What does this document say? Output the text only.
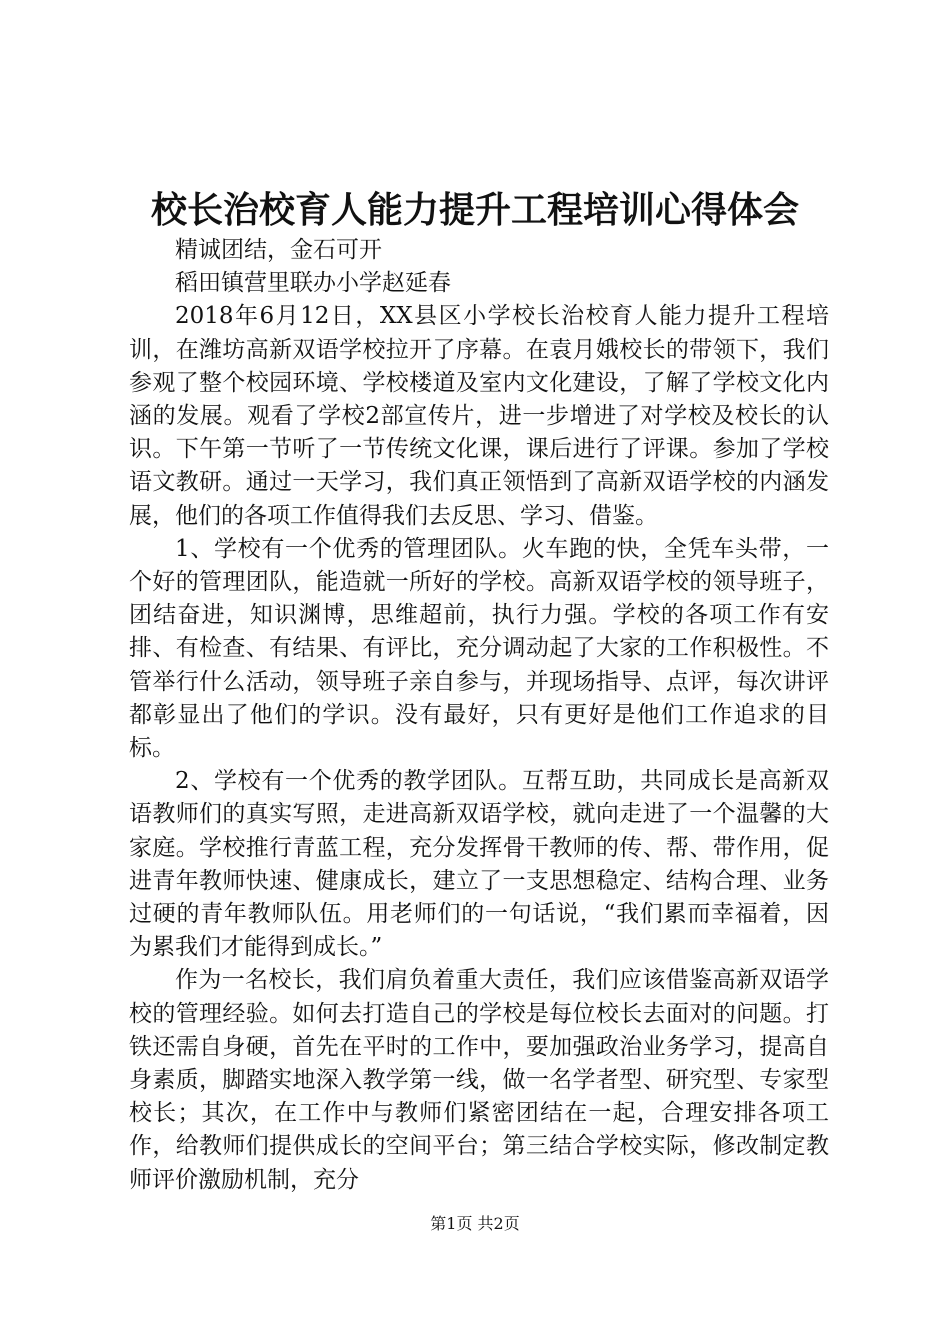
校长治校育人能力提升工程培训心得体会

精诚团结，金石可开

稻田镇营里联办小学赵延春

2018年6月12日，XX县区小学校长治校育人能力提升工程培训，在潍坊高新双语学校拉开了序幕。在袁月娥校长的带领下，我们参观了整个校园环境、学校楼道及室内文化建设，了解了学校文化内涵的发展。观看了学校2部宣传片，进一步增进了对学校及校长的认识。下午第一节听了一节传统文化课，课后进行了评课。参加了学校语文教研。通过一天学习，我们真正领悟到了高新双语学校的内涵发展，他们的各项工作值得我们去反思、学习、借鉴。

1、学校有一个优秀的管理团队。火车跑的快，全凭车头带，一个好的管理团队，能造就一所好的学校。高新双语学校的领导班子，团结奋进，知识渊博，思维超前，执行力强。学校的各项工作有安排、有检查、有结果、有评比，充分调动起了大家的工作积极性。不管举行什么活动，领导班子亲自参与，并现场指导、点评，每次讲评都彰显出了他们的学识。没有最好，只有更好是他们工作追求的目标。

2、学校有一个优秀的教学团队。互帮互助，共同成长是高新双语教师们的真实写照，走进高新双语学校，就向走进了一个温馨的大家庭。学校推行青蓝工程，充分发挥骨干教师的传、帮、带作用，促进青年教师快速、健康成长，建立了一支思想稳定、结构合理、业务过硬的青年教师队伍。用老师们的一句话说，“我们累而幸福着，因为累我们才能得到成长。”

作为一名校长，我们肩负着重大责任，我们应该借鉴高新双语学校的管理经验。如何去打造自己的学校是每位校长去面对的问题。打铁还需自身硬，首先在平时的工作中，要加强政治业务学习，提高自身素质，脚踏实地深入教学第一线，做一名学者型、研究型、专家型校长；其次，在工作中与教师们紧密团结在一起，合理安排各项工作，给教师们提供成长的空间平台；第三结合学校实际，修改制定教师评价激励机制，充分

第1页 共2页
